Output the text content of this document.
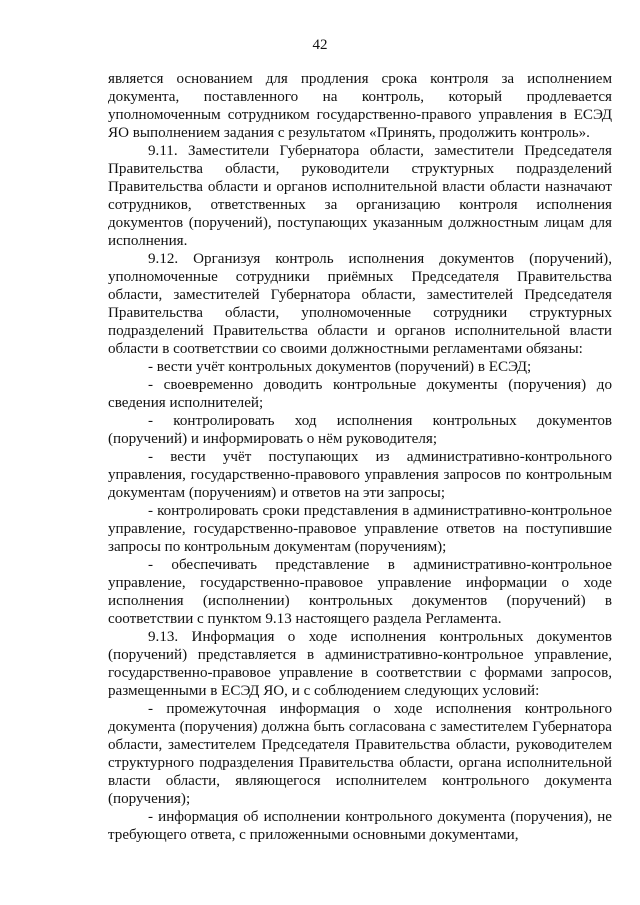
42

является основанием для продления срока контроля за исполнением документа, поставленного на контроль, который продлевается уполномоченным сотрудником государственно-правого управления в ЕСЭД ЯО выполнением задания с результатом «Принять, продолжить контроль».

9.11. Заместители Губернатора области, заместители Председателя Правительства области, руководители структурных подразделений Правительства области и органов исполнительной власти области назначают сотрудников, ответственных за организацию контроля исполнения документов (поручений), поступающих указанным должностным лицам для исполнения.

9.12. Организуя контроль исполнения документов (поручений), уполномоченные сотрудники приёмных Председателя Правительства области, заместителей Губернатора области, заместителей Председателя Правительства области, уполномоченные сотрудники структурных подразделений Правительства области и органов исполнительной власти области в соответствии со своими должностными регламентами обязаны:

- вести учёт контрольных документов (поручений) в ЕСЭД;

- своевременно доводить контрольные документы (поручения) до сведения исполнителей;

- контролировать ход исполнения контрольных документов (поручений) и информировать о нём руководителя;

- вести учёт поступающих из административно-контрольного управления, государственно-правового управления запросов по контрольным документам (поручениям) и ответов на эти запросы;

- контролировать сроки представления в административно-контрольное управление, государственно-правовое управление ответов на поступившие запросы по контрольным документам (поручениям);

- обеспечивать представление в административно-контрольное управление, государственно-правовое управление информации о ходе исполнения (исполнении) контрольных документов (поручений) в соответствии с пунктом 9.13 настоящего раздела Регламента.

9.13. Информация о ходе исполнения контрольных документов (поручений) представляется в административно-контрольное управление, государственно-правовое управление в соответствии с формами запросов, размещенными в ЕСЭД ЯО, и с соблюдением следующих условий:

- промежуточная информация о ходе исполнения контрольного документа (поручения) должна быть согласована с заместителем Губернатора области, заместителем Председателя Правительства области, руководителем структурного подразделения Правительства области, органа исполнительной власти области, являющегося исполнителем контрольного документа (поручения);

- информация об исполнении контрольного документа (поручения), не требующего ответа, с приложенными основными документами,
